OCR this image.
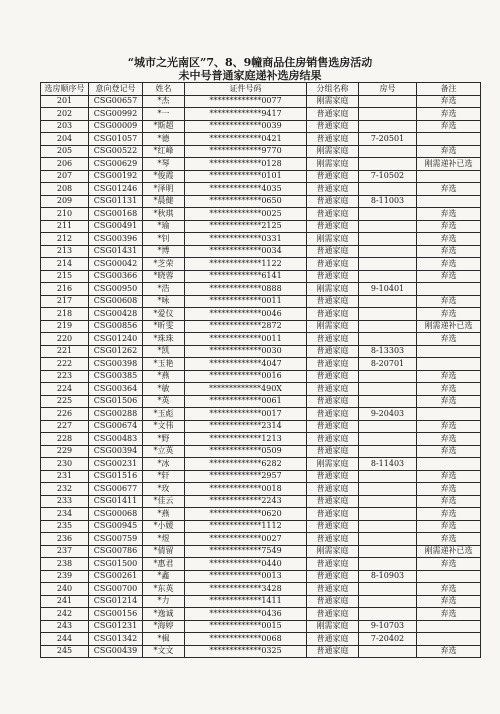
“城市之光南区”7、8、9幢商品住房销售选房活动
未中号普通家庭递补选房结果
选房顺序号	意向登记号	姓名	证件号码	分组名称	房号	备注
201	CSG00657	*杰	*************0077	刚需家庭		弃选
202	CSG00992	*一	*************9417	普通家庭		弃选
203	CSG00009	*斯超	*************0039	普通家庭		弃选
204	CSG01057	*德	*************0421	普通家庭	7-20501	
205	CSG00522	*红峰	*************9770	刚需家庭		弃选
206	CSG00629	*琴	*************0128	刚需家庭		刚需递补已选
207	CSG00192	*俊霞	*************0101	普通家庭	7-10502	
208	CSG01246	*泽明	*************4035	普通家庭		弃选
209	CSG01131	*晨健	*************0650	普通家庭	8-11003	
210	CSG00168	*秋琪	*************0025	普通家庭		弃选
211	CSG00491	*瑜	*************2125	普通家庭		弃选
212	CSG00396	*钊	*************0331	刚需家庭		弃选
213	CSG01431	*博	*************0034	普通家庭		弃选
214	CSG00042	*芝荣	*************1122	普通家庭		弃选
215	CSG00366	*晓蓉	*************6141	普通家庭		弃选
216	CSG00950	*浩	*************0888	刚需家庭	9-10401	
217	CSG00608	*咏	*************0011	普通家庭		弃选
218	CSG00428	*爱仪	*************0046	普通家庭		弃选
219	CSG00856	*昕雯	*************2872	刚需家庭		刚需递补已选
220	CSG01240	*珠珠	*************0011	普通家庭		弃选
221	CSG01262	*凯	*************0030	普通家庭	8-13303	
222	CSG00398	*玉艳	*************4047	普通家庭	8-20701	
223	CSG00385	*燕	*************0016	普通家庭		弃选
224	CSG00364	*敏	*************490X	普通家庭		弃选
225	CSG01506	*英	*************0061	普通家庭		弃选
226	CSG00288	*玉彪	*************0017	普通家庭	9-20403	
227	CSG00674	*文伟	*************2314	普通家庭		弃选
228	CSG00483	*野	*************1213	普通家庭		弃选
229	CSG00394	*立英	*************0509	普通家庭		弃选
230	CSG00231	*冰	*************6282	刚需家庭	8-11403	
231	CSG01516	*轩	*************2957	普通家庭		弃选
232	CSG00677	*玫	*************0018	普通家庭		弃选
233	CSG01411	*佳云	*************2243	普通家庭		弃选
234	CSG00068	*燕	*************0620	普通家庭		弃选
235	CSG00945	*小媛	*************1112	普通家庭		弃选
236	CSG00759	*煜	*************0027	普通家庭		弃选
237	CSG00786	*倩留	*************7549	刚需家庭		刚需递补已选
238	CSG01500	*惠君	*************0440	普通家庭		弃选
239	CSG00261	*鑫	*************0013	普通家庭	8-10903	
240	CSG00700	*东英	*************3428	普通家庭		弃选
241	CSG01214	*力	*************1411	普通家庭		弃选
242	CSG00156	*逸诚	*************0436	普通家庭		弃选
243	CSG01231	*海婷	*************0015	刚需家庭	9-10703	
244	CSG01342	*楫	*************0068	普通家庭	7-20402	
245	CSG00439	*文文	*************0325	普通家庭		弃选
